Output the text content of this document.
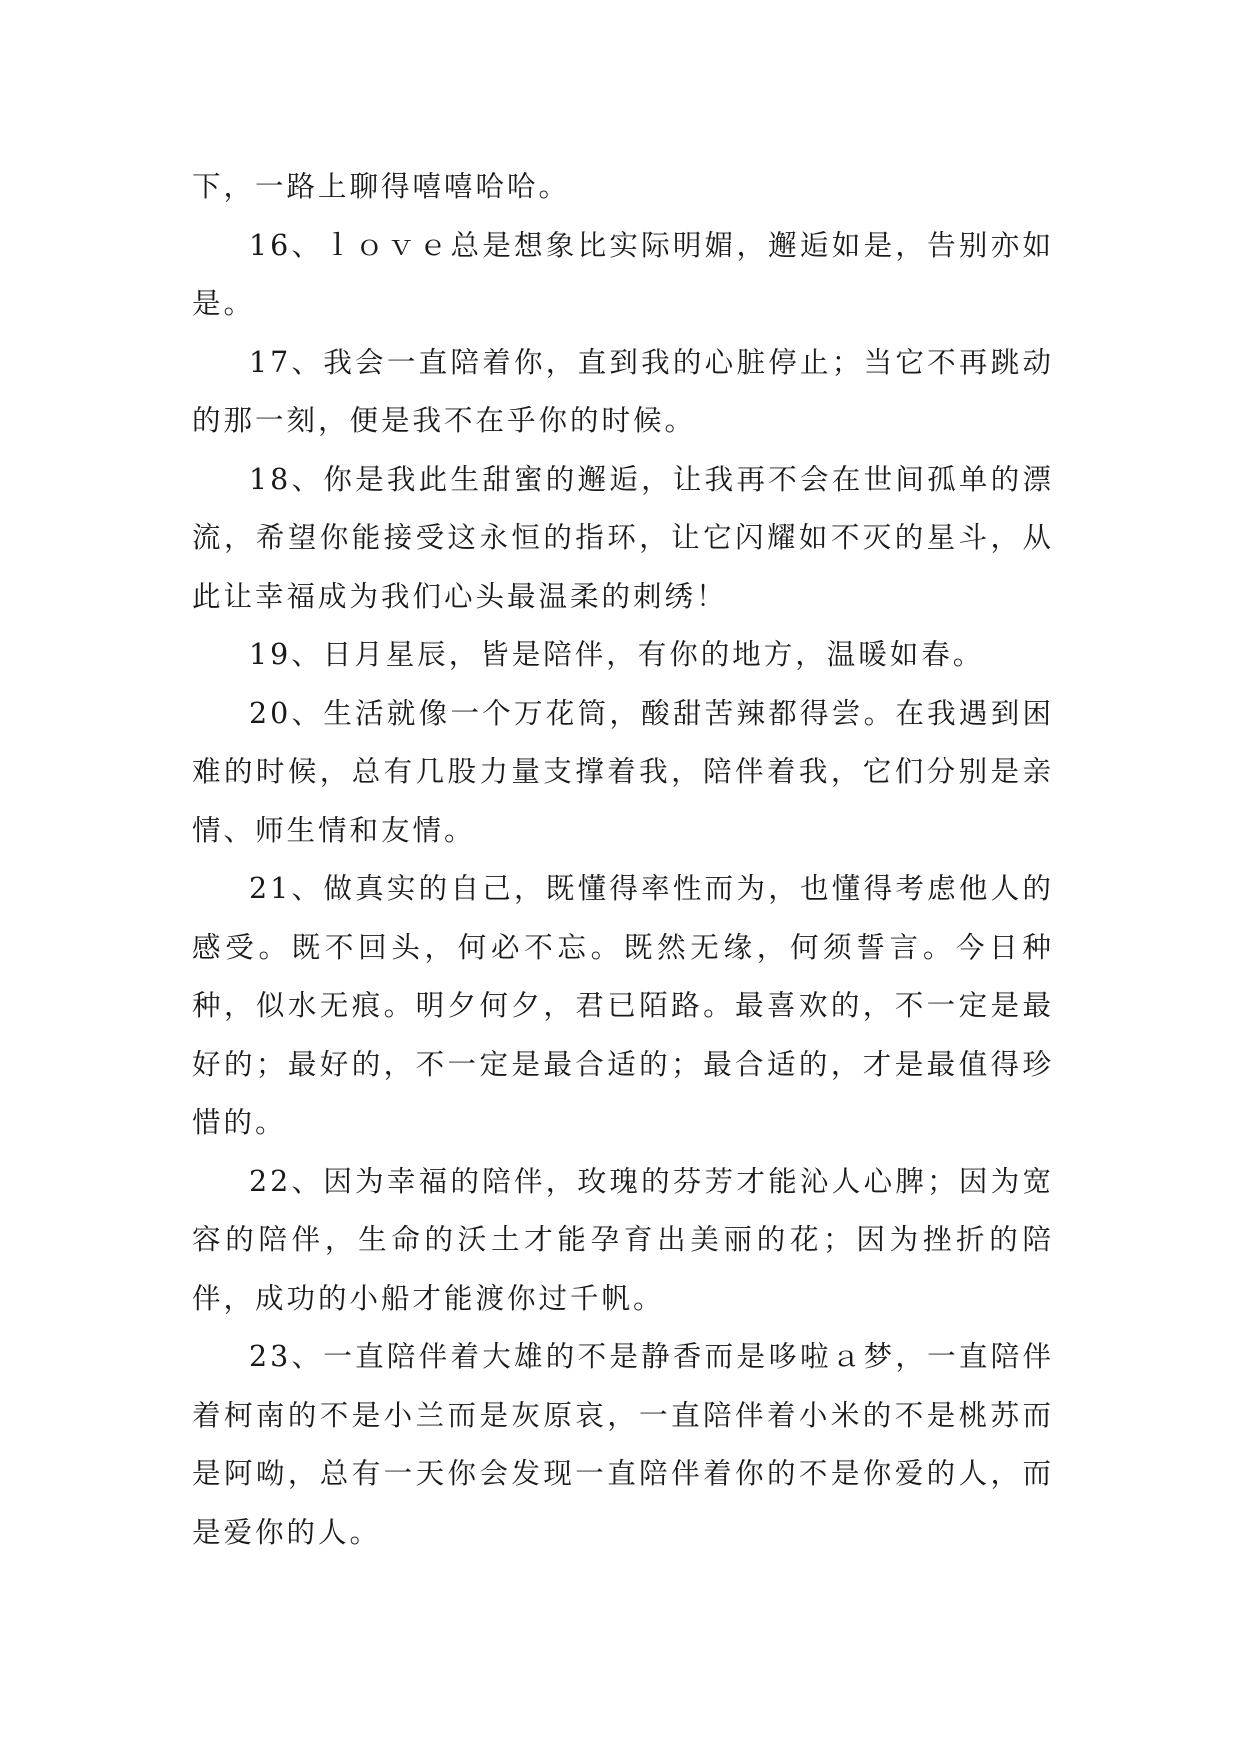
下，一路上聊得嘻嘻哈哈。

16、ｌｏｖｅ总是想象比实际明媚，邂逅如是，告别亦如是。

17、我会一直陪着你，直到我的心脏停止；当它不再跳动的那一刻，便是我不在乎你的时候。

18、你是我此生甜蜜的邂逅，让我再不会在世间孤单的漂流，希望你能接受这永恒的指环，让它闪耀如不灭的星斗，从此让幸福成为我们心头最温柔的刺绣！

19、日月星辰，皆是陪伴，有你的地方，温暖如春。

20、生活就像一个万花筒，酸甜苦辣都得尝。在我遇到困难的时候，总有几股力量支撑着我，陪伴着我，它们分别是亲情、师生情和友情。

21、做真实的自己，既懂得率性而为，也懂得考虑他人的感受。既不回头，何必不忘。既然无缘，何须誓言。今日种种，似水无痕。明夕何夕，君已陌路。最喜欢的，不一定是最好的；最好的，不一定是最合适的；最合适的，才是最值得珍惜的。

22、因为幸福的陪伴，玫瑰的芬芳才能沁人心脾；因为宽容的陪伴，生命的沃土才能孕育出美丽的花；因为挫折的陪伴，成功的小船才能渡你过千帆。

23、一直陪伴着大雄的不是静香而是哆啦ａ梦，一直陪伴着柯南的不是小兰而是灰原哀，一直陪伴着小米的不是桃苏而是阿呦，总有一天你会发现一直陪伴着你的不是你爱的人，而是爱你的人。
